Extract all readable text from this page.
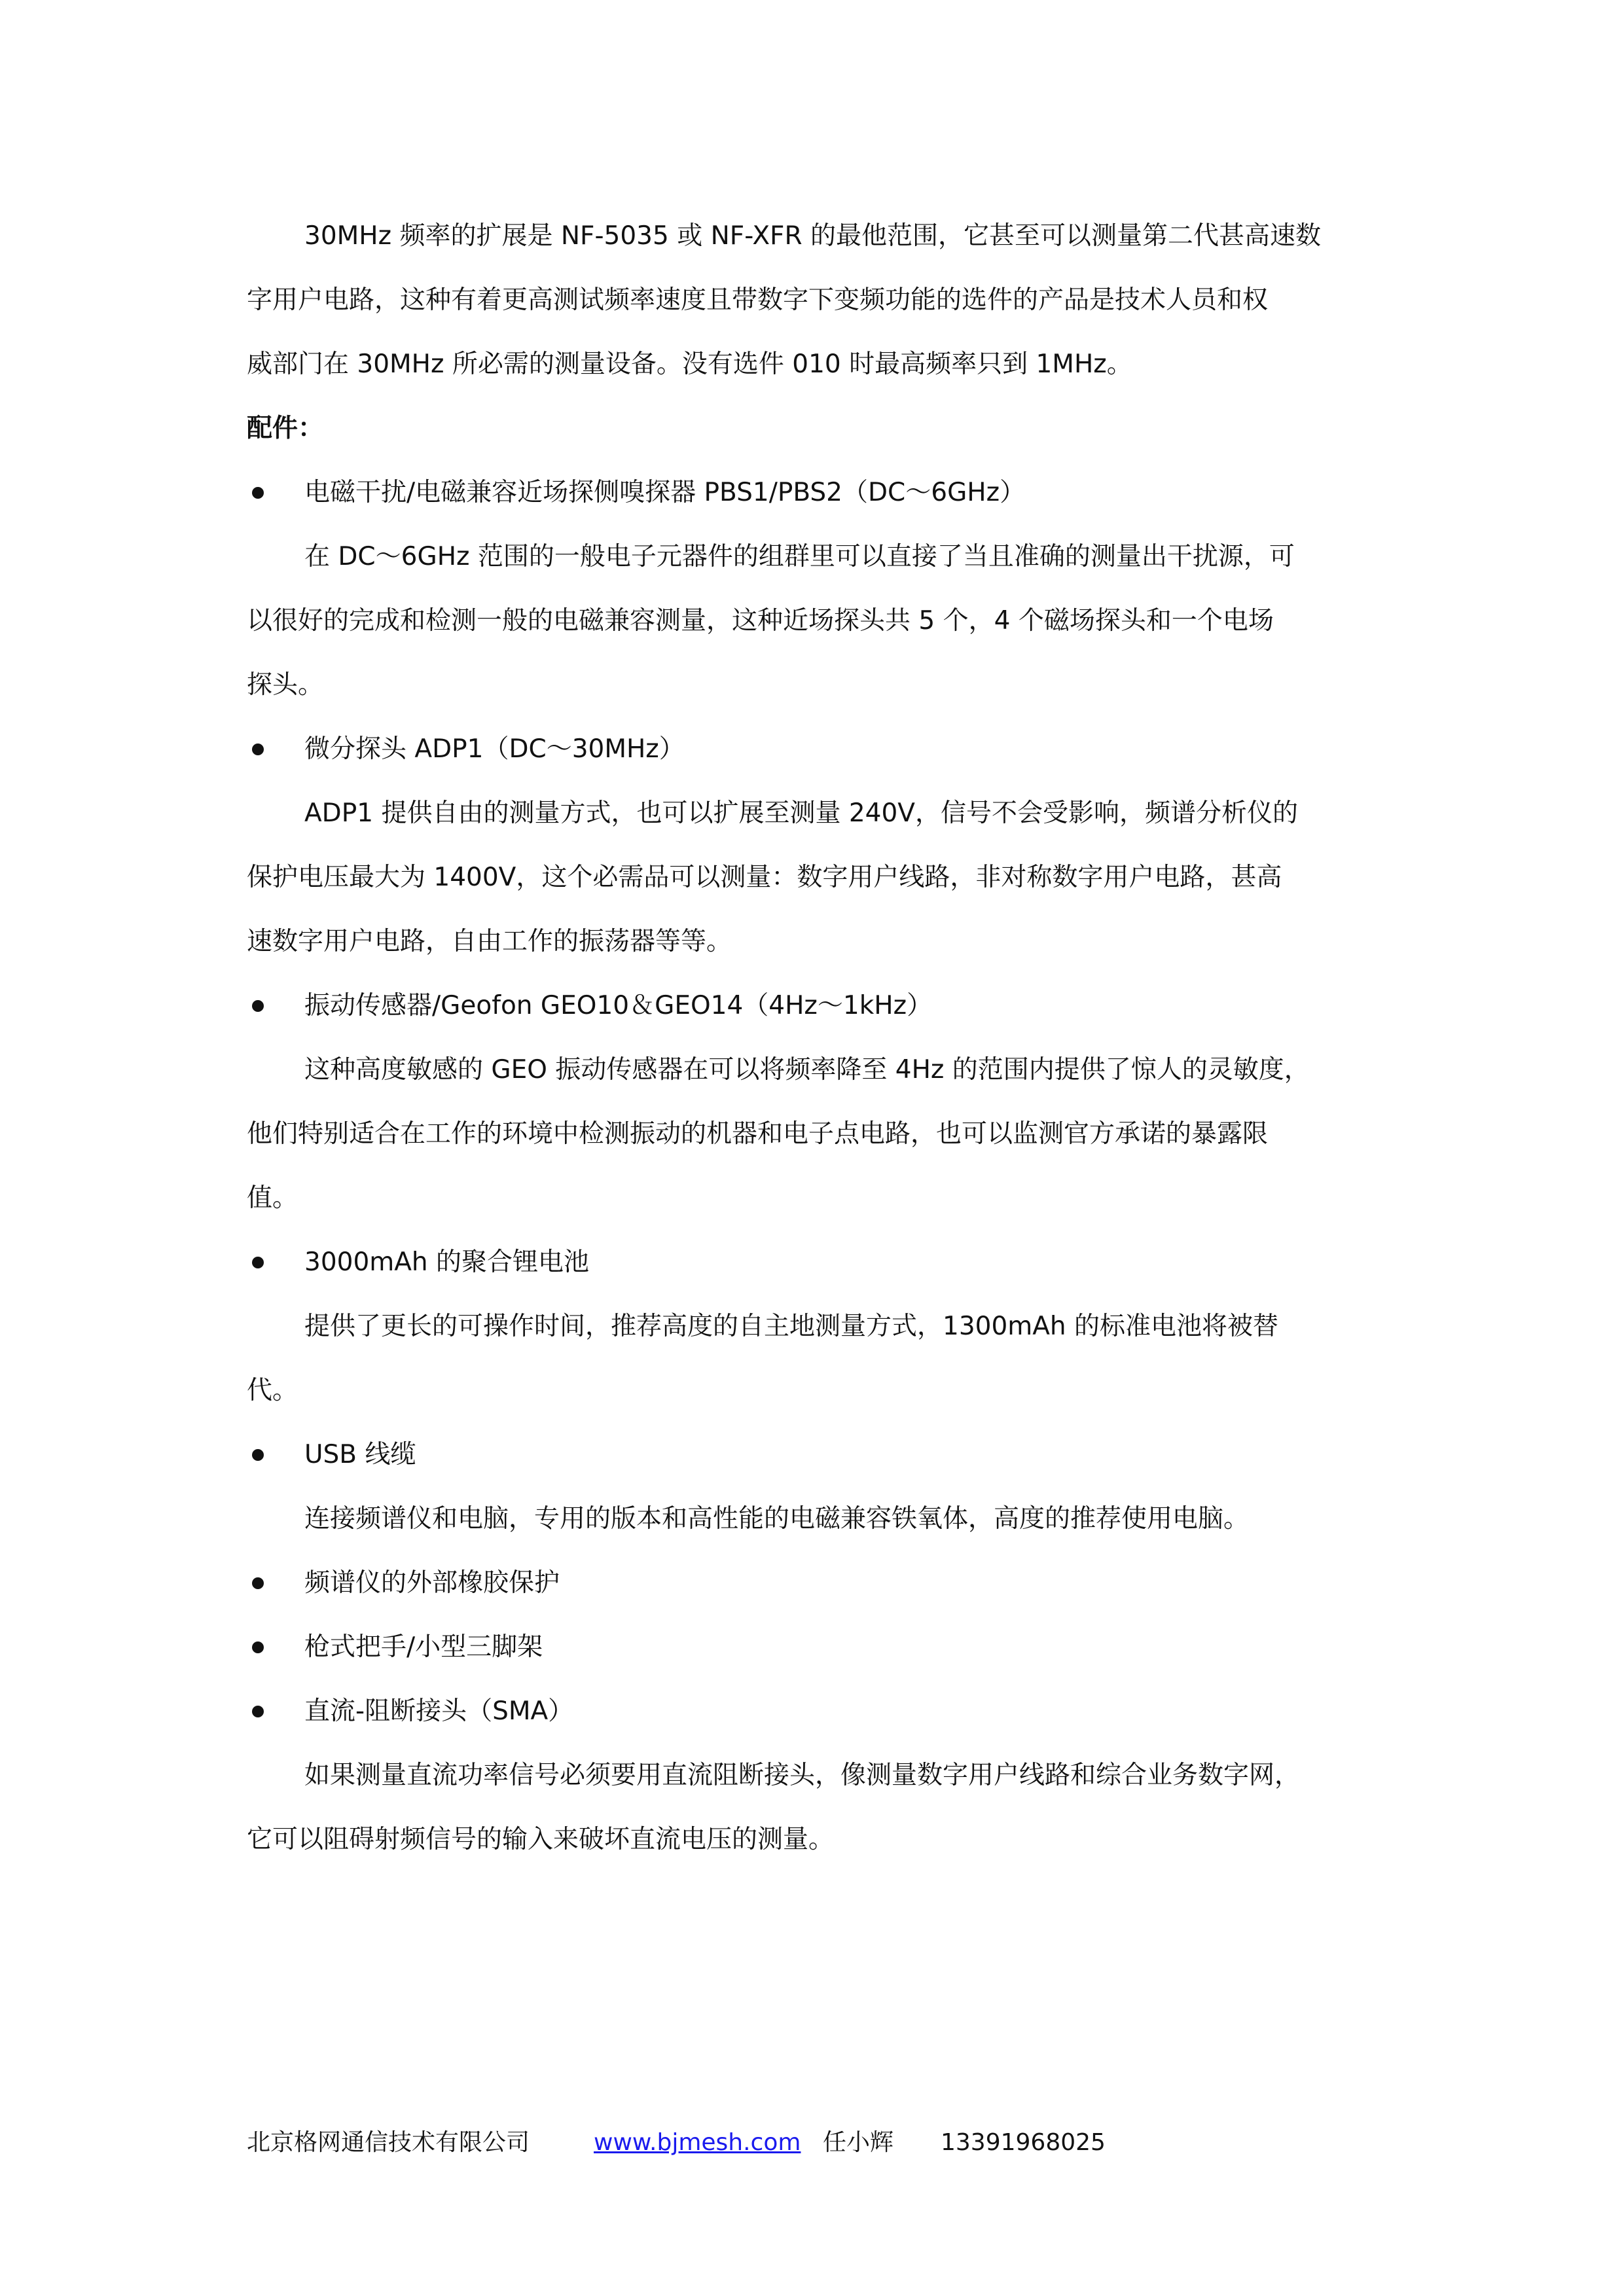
30MHz 频率的扩展是 NF-5035 或 NF-XFR 的最他范围，它甚至可以测量第二代甚高速数

字用户电路，这种有着更高测试频率速度且带数字下变频功能的选件的产品是技术人员和权

威部门在 30MHz 所必需的测量设备。没有选件 010 时最高频率只到 1MHz。

配件：

电磁干扰/电磁兼容近场探侧嗅探器 PBS1/PBS2（DC～6GHz）

在 DC～6GHz 范围的一般电子元器件的组群里可以直接了当且准确的测量出干扰源，可

以很好的完成和检测一般的电磁兼容测量，这种近场探头共 5 个，4 个磁场探头和一个电场

探头。

微分探头 ADP1（DC～30MHz）

ADP1 提供自由的测量方式，也可以扩展至测量 240V，信号不会受影响，频谱分析仪的

保护电压最大为 1400V，这个必需品可以测量：数字用户线路，非对称数字用户电路，甚高

速数字用户电路，自由工作的振荡器等等。

振动传感器/Geofon GEO10＆GEO14（4Hz～1kHz）

这种高度敏感的 GEO 振动传感器在可以将频率降至 4Hz 的范围内提供了惊人的灵敏度，

他们特别适合在工作的环境中检测振动的机器和电子点电路，也可以监测官方承诺的暴露限

值。

3000mAh 的聚合锂电池

提供了更长的可操作时间，推荐高度的自主地测量方式，1300mAh 的标准电池将被替

代。

USB 线缆

连接频谱仪和电脑，专用的版本和高性能的电磁兼容铁氧体，高度的推荐使用电脑。

频谱仪的外部橡胶保护

枪式把手/小型三脚架

直流-阻断接头（SMA）

如果测量直流功率信号必须要用直流阻断接头，像测量数字用户线路和综合业务数字网，

它可以阻碍射频信号的输入来破坏直流电压的测量。

北京格网通信技术有限公司	www.bjmesh.com 任小辉 13391968025
